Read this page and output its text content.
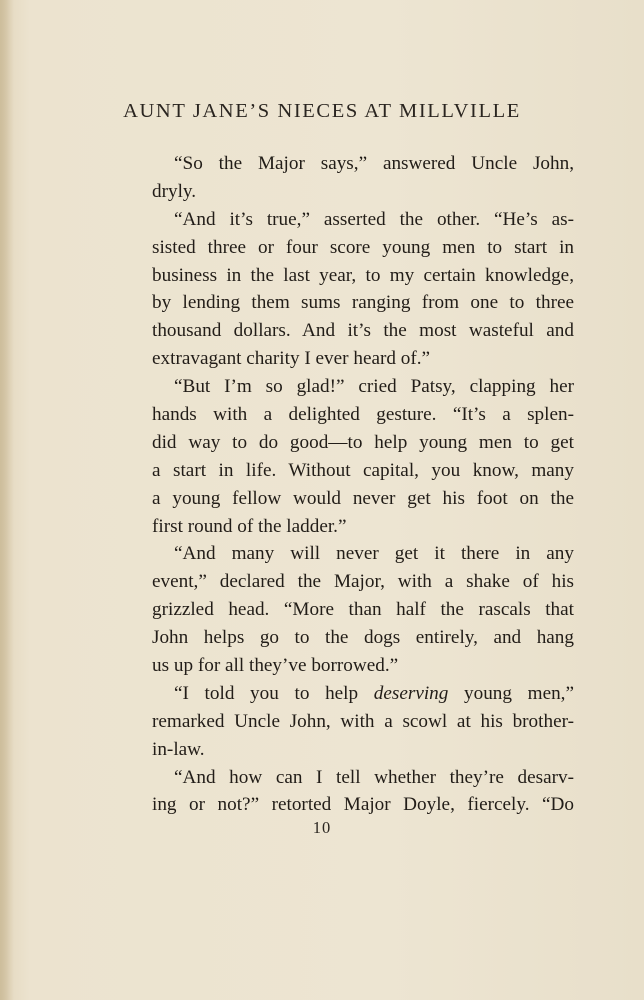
AUNT JANE’S NIECES AT MILLVILLE
“So the Major says,” answered Uncle John,
dryly.
“And it’s true,” asserted the other. “He’s as-
sisted three or four score young men to start in
business in the last year, to my certain knowledge,
by lending them sums ranging from one to three
thousand dollars. And it’s the most wasteful and
extravagant charity I ever heard of.”
“But I’m so glad!” cried Patsy, clapping her
hands with a delighted gesture. “It’s a splen-
did way to do good—to help young men to get
a start in life. Without capital, you know, many
a young fellow would never get his foot on the
first round of the ladder.”
“And many will never get it there in any
event,” declared the Major, with a shake of his
grizzled head. “More than half the rascals that
John helps go to the dogs entirely, and hang
us up for all they’ve borrowed.”
“I told you to help deserving young men,”
remarked Uncle John, with a scowl at his brother-
in-law.
“And how can I tell whether they’re desarv-
ing or not?” retorted Major Doyle, fiercely. “Do
10
